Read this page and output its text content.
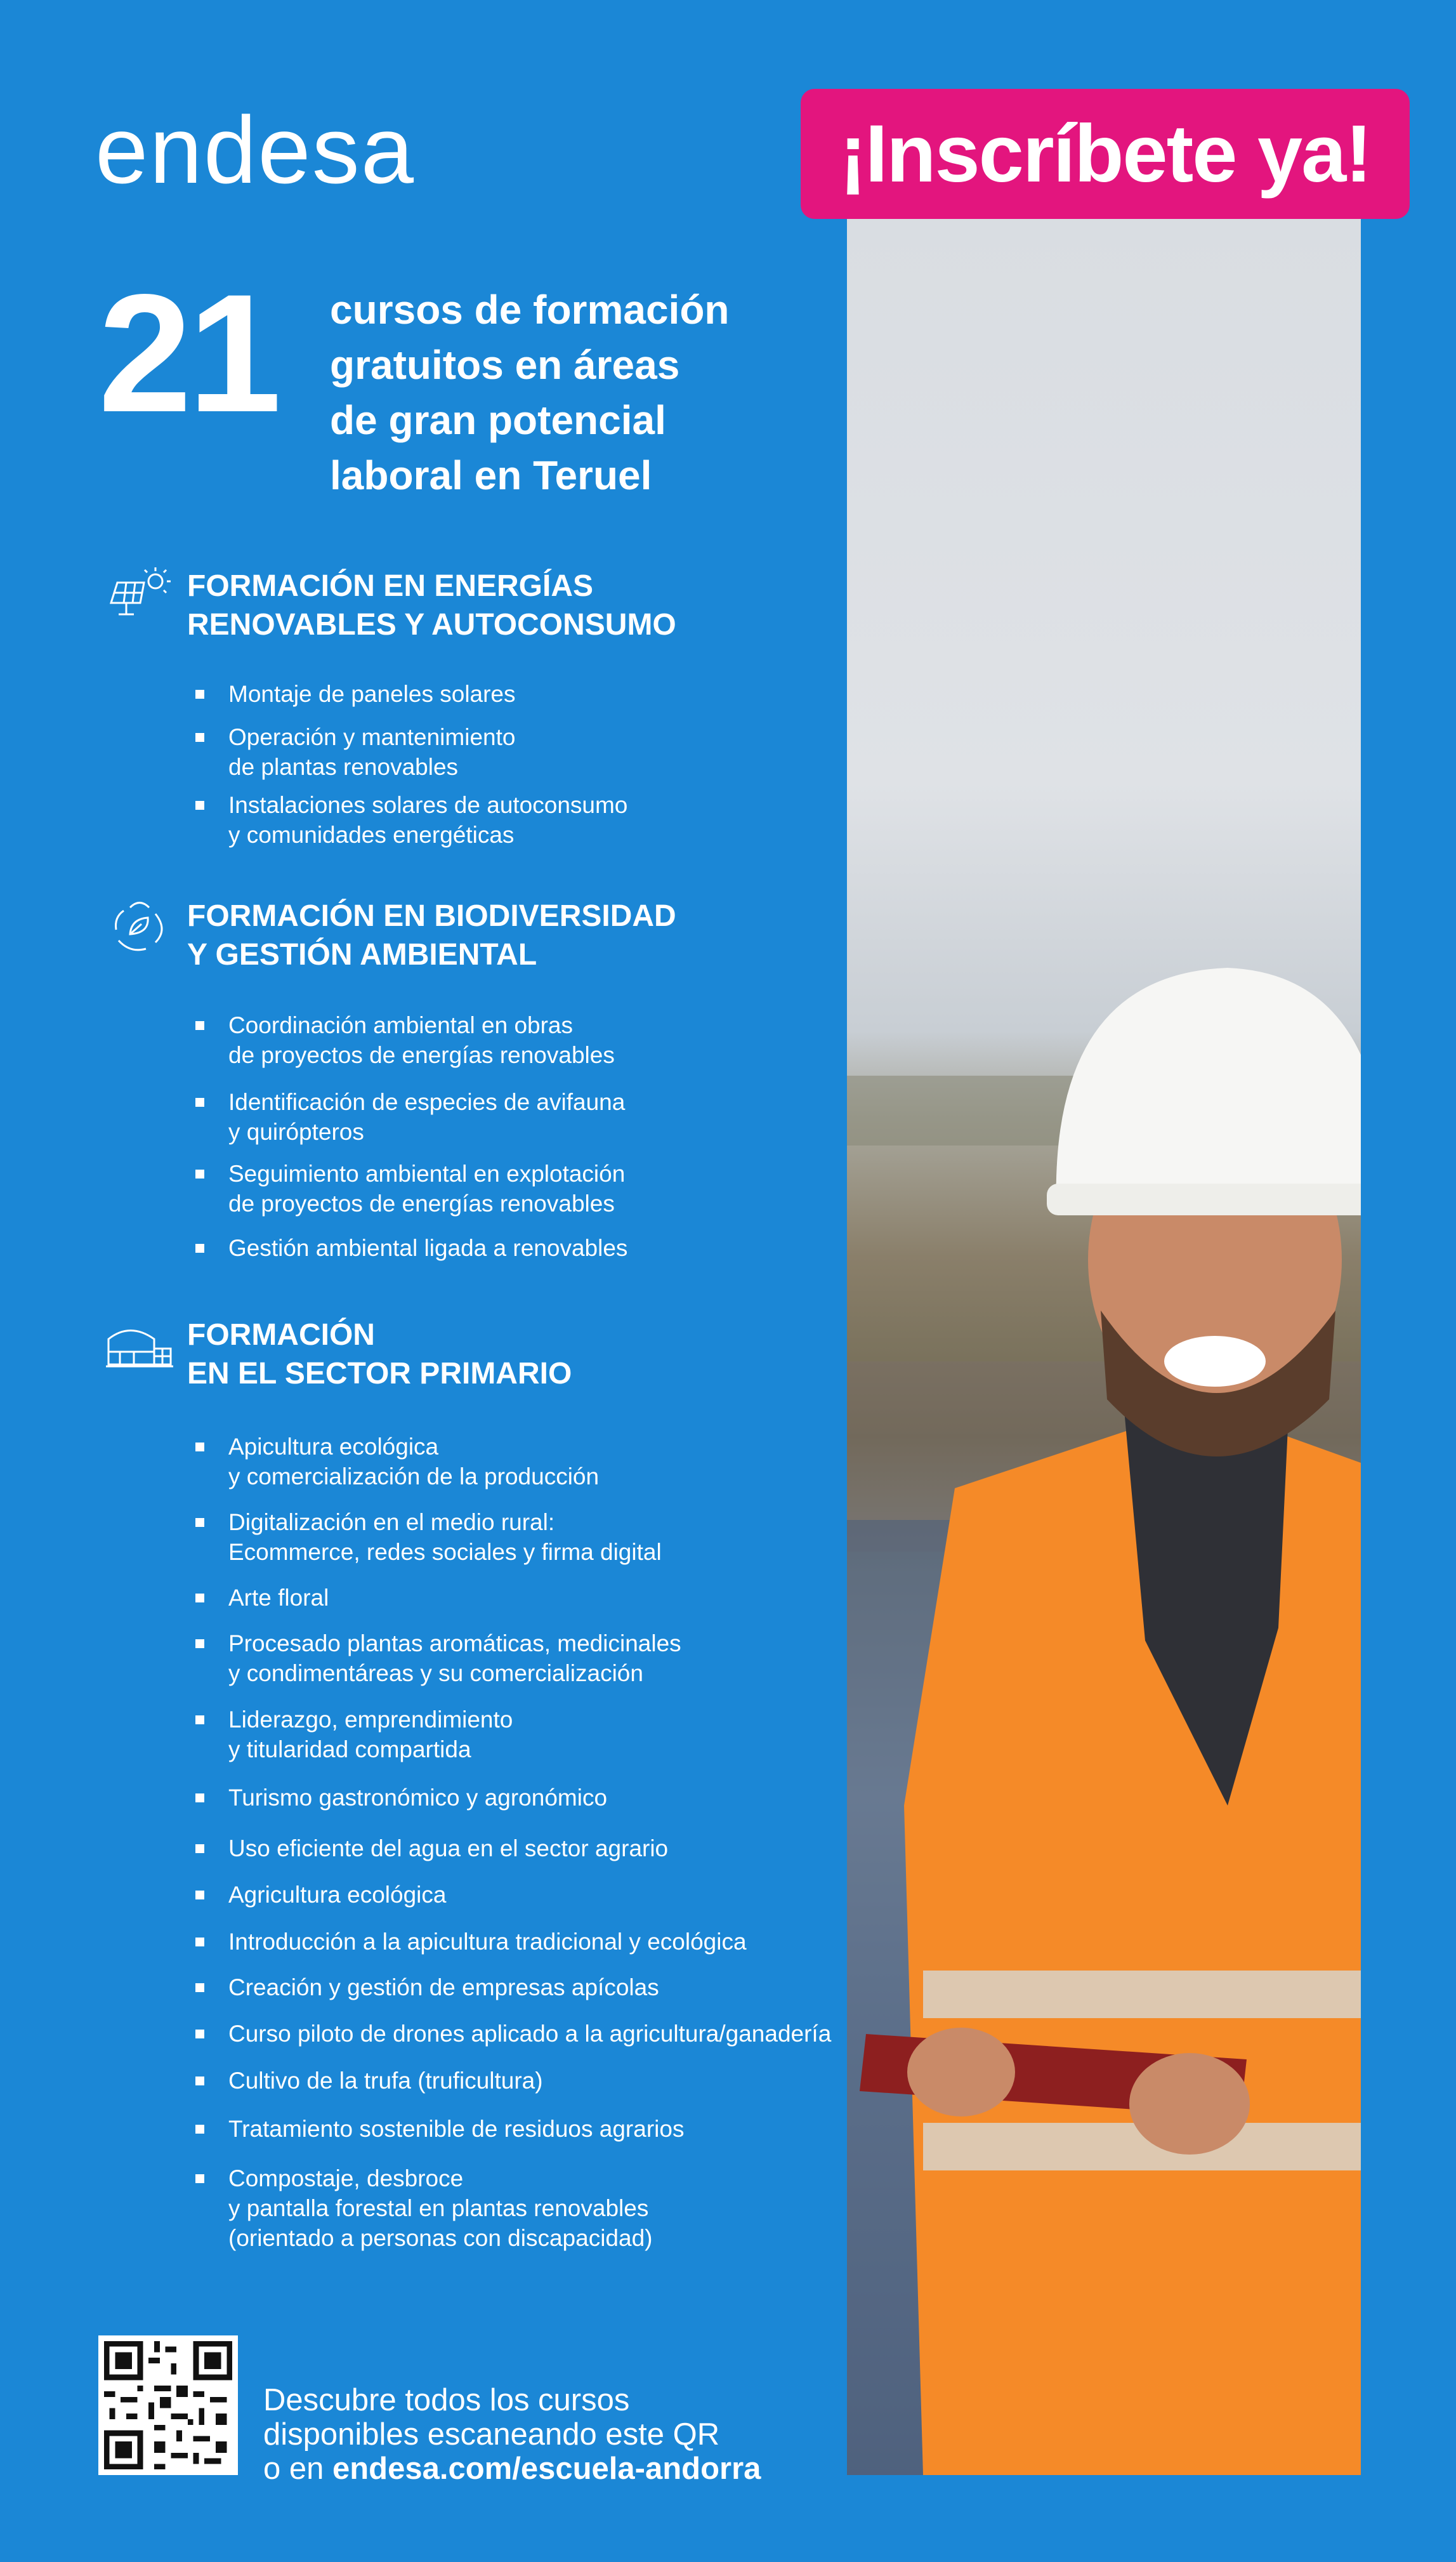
endesa	¡Inscríbete ya!
21 cursos de formación
gratuitos en áreas
de gran potencial
laboral en Teruel
FORMACIÓN EN ENERGÍAS
RENOVABLES Y AUTOCONSUMO
Montaje de paneles solares
Operación y mantenimiento
de plantas renovables
Instalaciones solares de autoconsumo
y comunidades energéticas
FORMACIÓN EN BIODIVERSIDAD
Y GESTIÓN AMBIENTAL
Coordinación ambiental en obras
de proyectos de energías renovables
Identificación de especies de avifauna
y quirópteros
Seguimiento ambiental en explotación
de proyectos de energías renovables
Gestión ambiental ligada a renovables
FORMACIÓN
EN EL SECTOR PRIMARIO
Apicultura ecológica
y comercialización de la producción
Digitalización en el medio rural:
Ecommerce, redes sociales y firma digital
Arte floral
Procesado plantas aromáticas, medicinales
y condimentáreas y su comercialización
Liderazgo, emprendimiento
y titularidad compartida
Turismo gastronómico y agronómico
Uso eficiente del agua en el sector agrario
Agricultura ecológica
Introducción a la apicultura tradicional y ecológica
Creación y gestión de empresas apícolas
Curso piloto de drones aplicado a la agricultura/ganadería
Cultivo de la trufa (truficultura)
Tratamiento sostenible de residuos agrarios
Compostaje, desbroce
y pantalla forestal en plantas renovables
(orientado a personas con discapacidad)
Descubre todos los cursos
disponibles escaneando este QR
o en endesa.com/escuela-andorra
